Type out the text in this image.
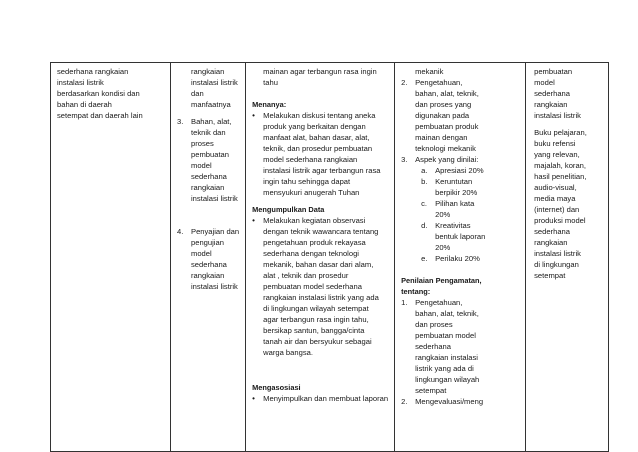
sederhana rangkaian
instalasi listrik
berdasarkan kondisi dan
bahan di daerah
setempat dan daerah lain

rangkaian
instalasi listrik
dan
manfaatnya
3.	Bahan, alat,
teknik dan
proses
pembuatan
model
sederhana
rangkaian
instalasi listrik
4.	Penyajian dan
pengujian
model
sederhana
rangkaian
instalasi listrik

mainan agar terbangun rasa ingin
tahu
Menanya:
•	Melakukan diskusi tentang aneka
produk yang berkaitan dengan
manfaat alat, bahan dasar, alat,
teknik, dan prosedur pembuatan
model sederhana rangkaian
instalasi listrik agar terbangun rasa
ingin tahu sehingga dapat
mensyukuri anugerah Tuhan
Mengumpulkan Data
•	Melakukan kegiatan observasi
dengan teknik wawancara tentang
pengetahuan produk rekayasa
sederhana dengan teknologi
mekanik, bahan dasar dari alam,
alat , teknik dan prosedur
pembuatan model sederhana
rangkaian instalasi listrik yang ada
di lingkungan wilayah setempat
agar terbangun rasa ingin tahu,
bersikap santun, bangga/cinta
tanah air dan bersyukur sebagai
warga bangsa.
Mengasosiasi
•	Menyimpulkan dan membuat laporan

mekanik
2.	Pengetahuan,
bahan, alat, teknik,
dan proses yang
digunakan pada
pembuatan produk
mainan dengan
teknologi mekanik
3.	Aspek yang dinilai:
a.	Apresiasi 20%
b.	Keruntutan
berpikir 20%
c.	Pilihan kata
20%
d.	Kreativitas
bentuk laporan
20%
e.	Perilaku 20%
Penilaian Pengamatan,
tentang:
1.	Pengetahuan,
bahan, alat, teknik,
dan proses
pembuatan model
sederhana
rangkaian instalasi
listrik yang ada di
lingkungan wilayah
setempat
2.	Mengevaluasi/meng

pembuatan
model
sederhana
rangkaian
instalasi listrik
Buku pelajaran,
buku refensi
yang relevan,
majalah, koran,
hasil penelitian,
audio-visual,
media maya
(internet) dan
produksi model
sederhana
rangkaian
instalasi listrik
di lingkungan
setempat
